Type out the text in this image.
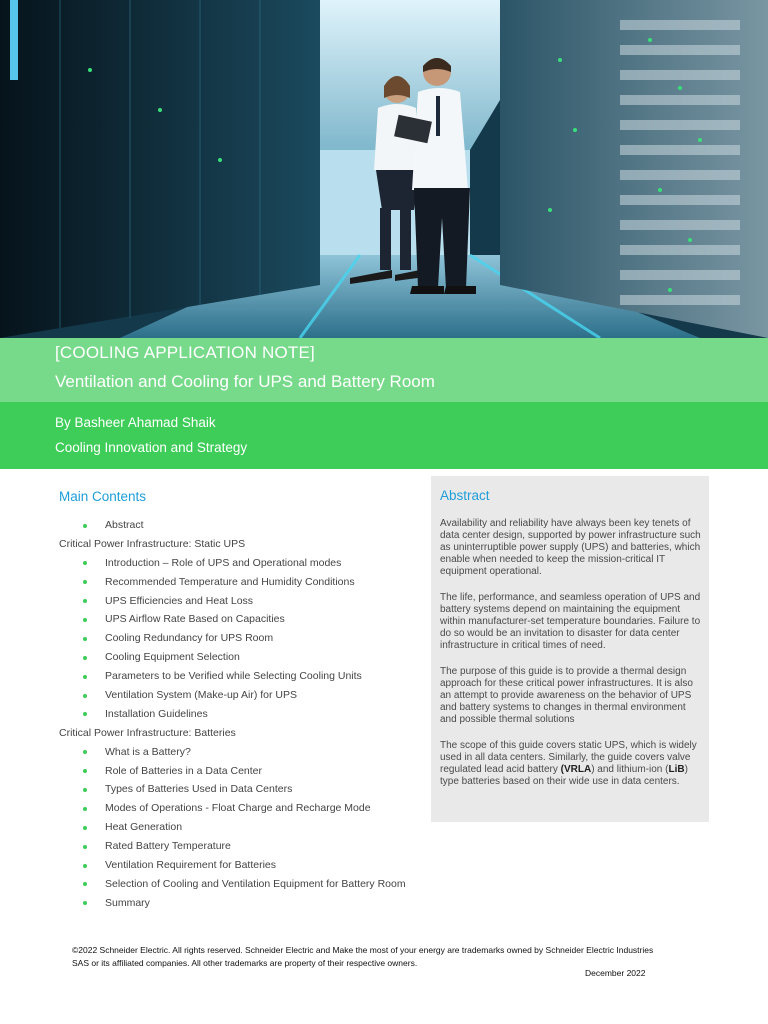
[COOLING APPLICATION NOTE]
Ventilation and Cooling for UPS and Battery Room
By Basheer Ahamad Shaik
Cooling Innovation and Strategy
Main Contents
Abstract
Critical Power Infrastructure: Static UPS
Introduction – Role of UPS and Operational modes
Recommended Temperature and Humidity Conditions
UPS Efficiencies and Heat Loss
UPS Airflow Rate Based on Capacities
Cooling Redundancy for UPS Room
Cooling Equipment Selection
Parameters to be Verified while Selecting Cooling Units
Ventilation System (Make-up Air) for UPS
Installation Guidelines
Critical Power Infrastructure: Batteries
What is a Battery?
Role of Batteries in a Data Center
Types of Batteries Used in Data Centers
Modes of Operations - Float Charge and Recharge Mode
Heat Generation
Rated Battery Temperature
Ventilation Requirement for Batteries
Selection of Cooling and Ventilation Equipment for Battery Room
Summary
Abstract

Availability and reliability have always been key tenets of data center design, supported by power infrastructure such as uninterruptible power supply (UPS) and batteries, which enable when needed to keep the mission-critical IT equipment operational.

The life, performance, and seamless operation of UPS and battery systems depend on maintaining the equipment within manufacturer-set temperature boundaries. Failure to do so would be an invitation to disaster for data center infrastructure in critical times of need.

The purpose of this guide is to provide a thermal design approach for these critical power infrastructures. It is also an attempt to provide awareness on the behavior of UPS and battery systems to changes in thermal environment and possible thermal solutions

The scope of this guide covers static UPS, which is widely used in all data centers. Similarly, the guide covers valve regulated lead acid battery (VRLA) and lithium-ion (LiB) type batteries based on their wide use in data centers.

©2022 Schneider Electric. All rights reserved. Schneider Electric and Make the most of your energy are trademarks owned by Schneider Electric Industries SAS or its affiliated companies. All other trademarks are property of their respective owners.
December 2022
